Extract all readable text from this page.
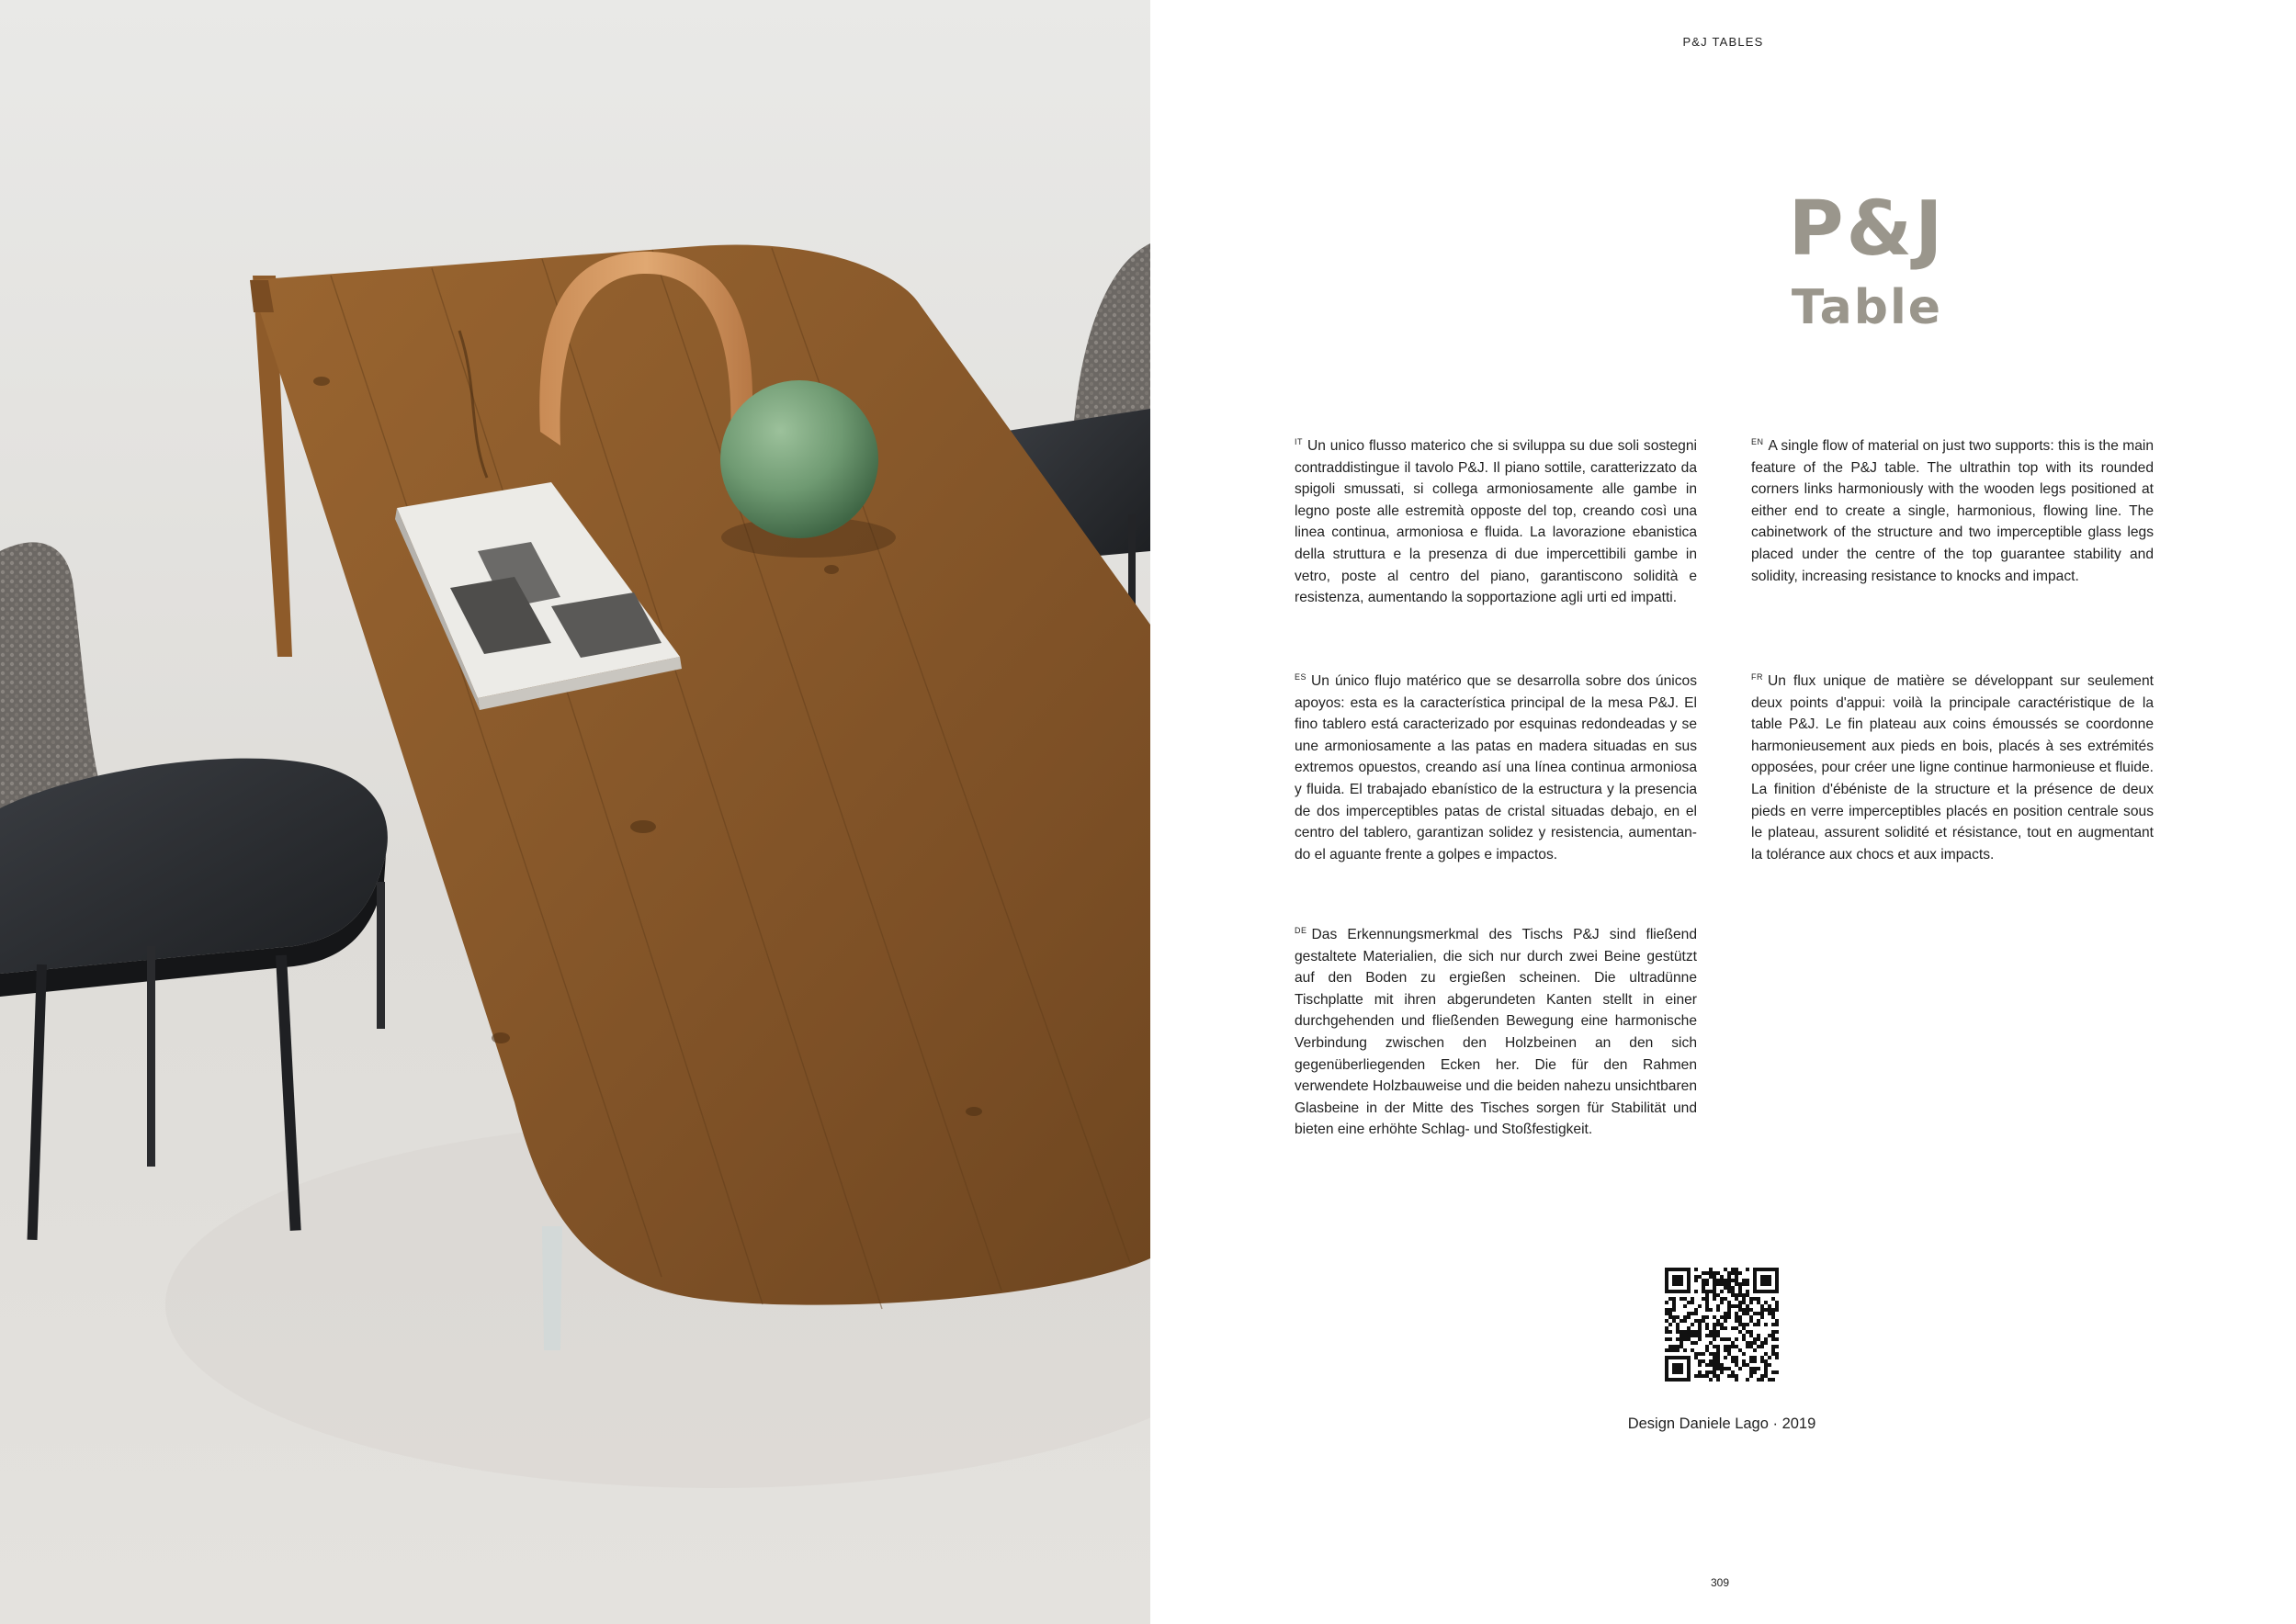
P&J TABLES
P&J
Table
$^{IT}$ Un unico flusso materico che si sviluppa su due soli sostegni contraddistingue il tavolo P&J. Il piano sottile, caratterizzato da spigoli smussati, si collega armoniosamente alle gambe in legno poste alle estremità opposte del top, creando così una linea continua, armoniosa e fluida. La lavorazione ebanistica della struttura e la presenza di due impercettibili gambe in vetro, poste al centro del piano, garantiscono solidità e resistenza, aumentando la sopportazione agli urti ed impatti.
$^{EN}$ A single flow of material on just two supports: this is the main feature of the P&J table. The ultrathin top with its rounded corners links harmoniously with the wooden legs positioned at either end to create a single, harmonious, flowing line. The cabinetwork of the structure and two imperceptible glass legs placed under the centre of the top guarantee stability and solidity, increasing resistance to knocks and impact.
$^{ES}$ Un único flujo matérico que se desarrolla sobre dos únicos apoyos: esta es la característica principal de la mesa P&J. El fino tablero está caracterizado por esquinas redondeadas y se une armoniosamente a las patas en madera situadas en sus extremos opuestos, creando así una línea continua armoniosa y fluida. El trabajado ebanístico de la estructura y la presencia de dos imperceptibles patas de cristal situadas debajo, en el centro del tablero, garantizan solidez y resistencia, aumentando el aguante frente a golpes e impactos.
$^{FR}$ Un flux unique de matière se développant sur seulement deux points d'appui: voilà la principale caractéristique de la table P&J. Le fin plateau aux coins émoussés se coordonne harmonieusement aux pieds en bois, placés à ses extrémités opposées, pour créer une ligne continue harmonieuse et fluide. La finition d'ébéniste de la structure et la présence de deux pieds en verre imperceptibles placés en position centrale sous le plateau, assurent solidité et résistance, tout en augmentant la tolérance aux chocs et aux impacts.
$^{DE}$ Das Erkennungsmerkmal des Tischs P&J sind fließend gestaltete Materialien, die sich nur durch zwei Beine gestützt auf den Boden zu ergießen scheinen. Die ultradünne Tischplatte mit ihren abgerundeten Kanten stellt in einer durchgehenden und fließenden Bewegung eine harmonische Verbindung zwischen den Holzbeinen an den sich gegenüberliegenden Ecken her. Die für den Rahmen verwendete Holzbauweise und die beiden nahezu unsichtbaren Glasbeine in der Mitte des Tisches sorgen für Stabilität und bieten eine erhöhte Schlag- und Stoßfestigkeit.
Design Daniele Lago · 2019
309
